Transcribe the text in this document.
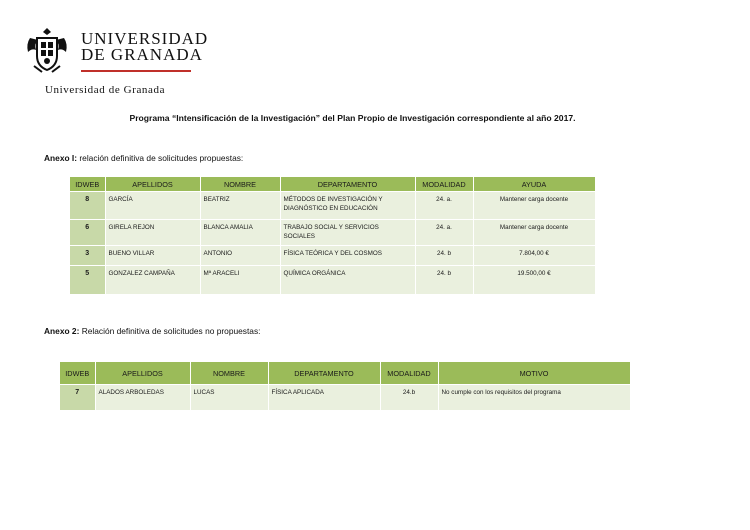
UNIVERSIDAD
DE GRANADA
Universidad de Granada
Programa “Intensificación de la Investigación” del Plan Propio de Investigación correspondiente al año 2017.
Anexo I: relación definitiva de solicitudes propuestas:
IDWEB	APELLIDOS	NOMBRE	DEPARTAMENTO	MODALIDAD	AYUDA
8	GARCÍA	BEATRIZ	MÉTODOS DE INVESTIGACIÓN Y DIAGNÓSTICO EN EDUCACIÓN	24. a.	Mantener carga docente
6	GIRELA REJON	BLANCA AMALIA	TRABAJO SOCIAL Y SERVICIOS SOCIALES	24. a.	Mantener carga docente
3	BUENO VILLAR	ANTONIO	FÍSICA TEÓRICA Y DEL COSMOS	24. b	7.804,00 €
5	GONZALEZ CAMPAÑA	Mª ARACELI	QUÍMICA ORGÁNICA	24. b	19.500,00 €
Anexo 2: Relación definitiva de solicitudes no propuestas:
IDWEB	APELLIDOS	NOMBRE	DEPARTAMENTO	MODALIDAD	MOTIVO
7	ALADOS ARBOLEDAS	LUCAS	FÍSICA APLICADA	24.b	No cumple con los requisitos del programa
